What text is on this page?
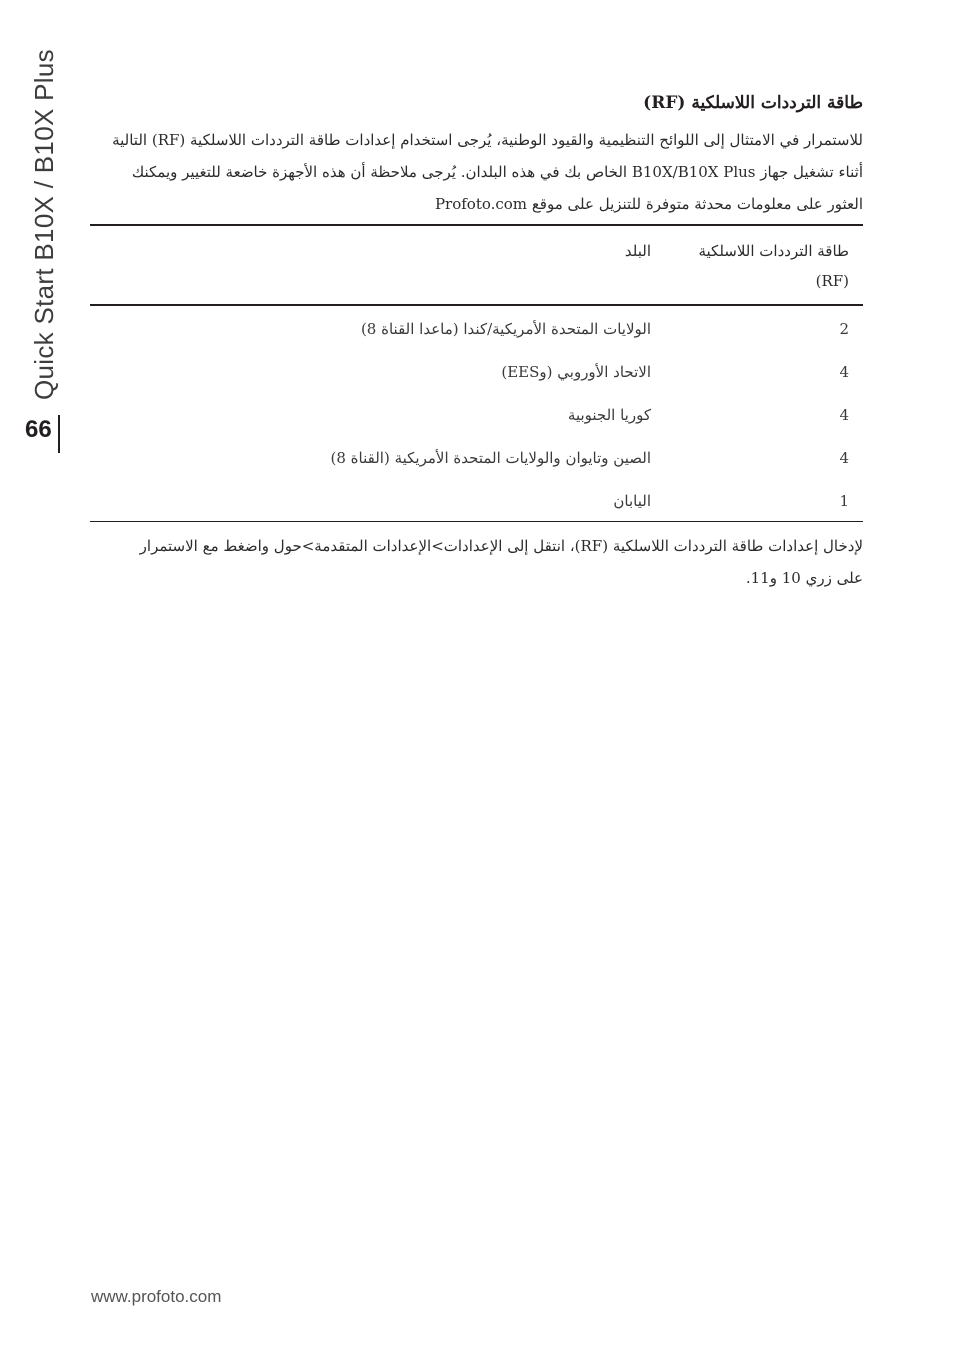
Quick Start B10X / B10X Plus
66
طاقة الترددات اللاسلكية (RF)

للاستمرار في الامتثال إلى اللوائح التنظيمية والقيود الوطنية، يُرجى استخدام إعدادات طاقة الترددات اللاسلكية (RF) التالية

أثناء تشغيل جهاز B10X/B10X Plus الخاص بك في هذه البلدان. يُرجى ملاحظة أن هذه الأجهزة خاضعة للتغيير ويمكنك

العثور على معلومات محدثة متوفرة للتنزيل على موقع Profoto.com

طاقة الترددات اللاسلكية
(RF)	البلد
2	الولايات المتحدة الأمريكية/كندا (ماعدا القناة 8)
4	الاتحاد الأوروبي (وEES)
4	كوريا الجنوبية
4	الصين وتايوان والولايات المتحدة الأمريكية (القناة 8)
1	اليابان

لإدخال إعدادات طاقة الترددات اللاسلكية (RF)، انتقل إلى الإعدادات>الإعدادات المتقدمة>حول واضغط مع الاستمرار

على زري 10 و11.

www.profoto.com
